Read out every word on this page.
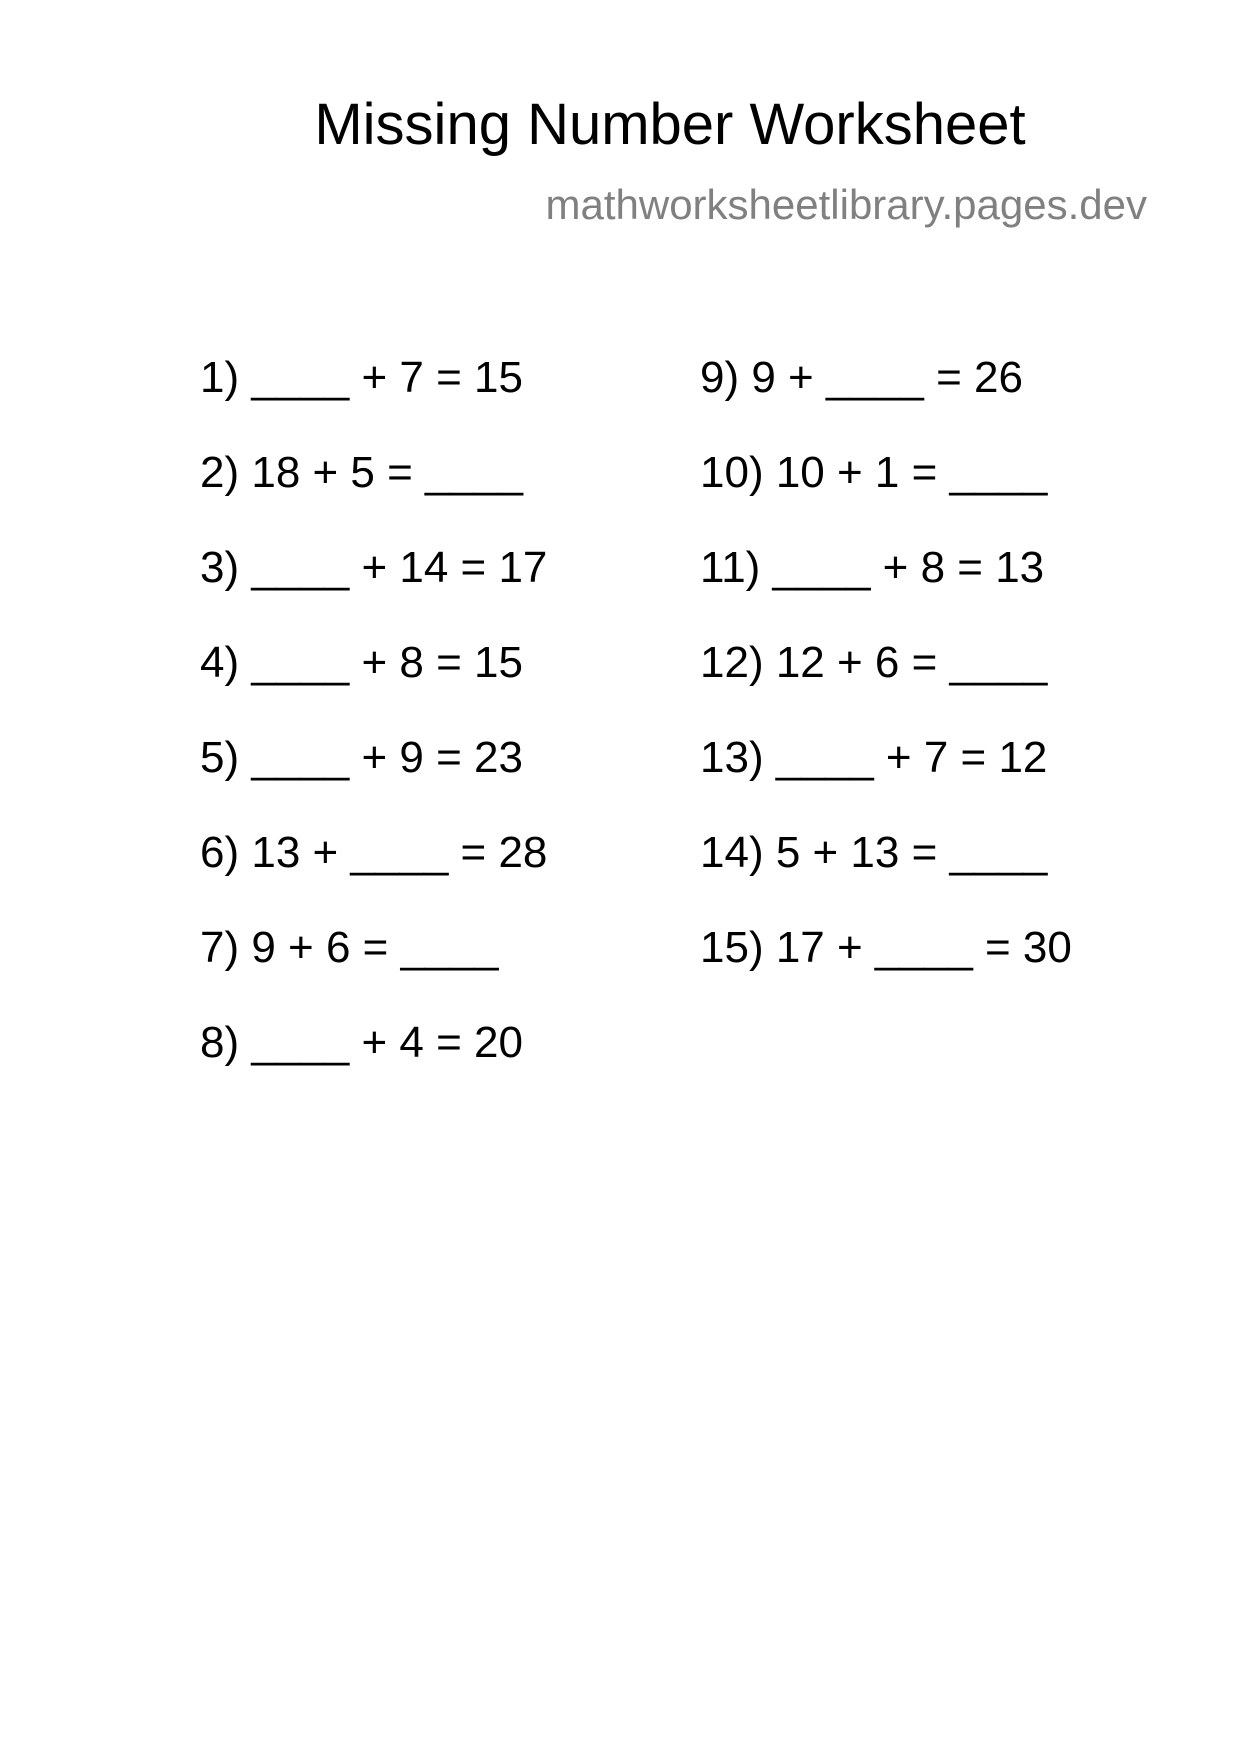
Missing Number Worksheet
mathworksheetlibrary.pages.dev
1) ____ + 7 = 15
2) 18 + 5 = ____
3) ____ + 14 = 17
4) ____ + 8 = 15
5) ____ + 9 = 23
6) 13 + ____ = 28
7) 9 + 6 = ____
8) ____ + 4 = 20
9) 9 + ____ = 26
10) 10 + 1 = ____
11) ____ + 8 = 13
12) 12 + 6 = ____
13) ____ + 7 = 12
14) 5 + 13 = ____
15) 17 + ____ = 30
